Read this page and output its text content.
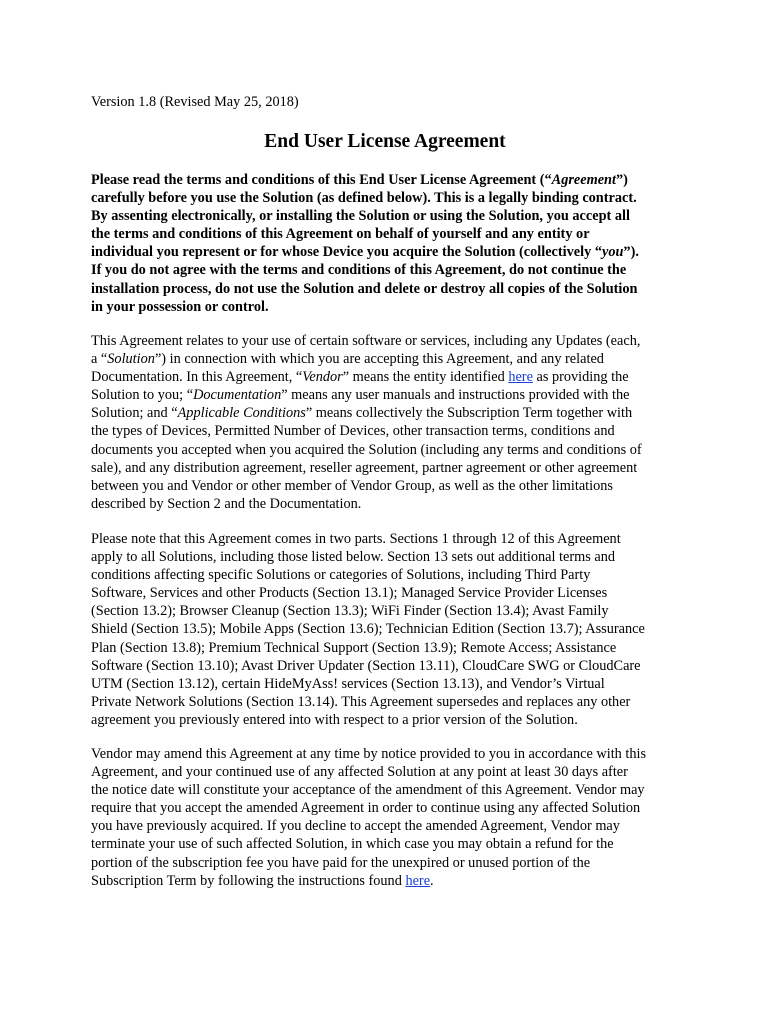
Version 1.8 (Revised May 25, 2018)

End User License Agreement

Please read the terms and conditions of this End User License Agreement (“Agreement”)
carefully before you use the Solution (as defined below). This is a legally binding contract.
By assenting electronically, or installing the Solution or using the Solution, you accept all
the terms and conditions of this Agreement on behalf of yourself and any entity or
individual you represent or for whose Device you acquire the Solution (collectively “you”).
If you do not agree with the terms and conditions of this Agreement, do not continue the
installation process, do not use the Solution and delete or destroy all copies of the Solution
in your possession or control.

This Agreement relates to your use of certain software or services, including any Updates (each,
a “Solution”) in connection with which you are accepting this Agreement, and any related
Documentation. In this Agreement, “Vendor” means the entity identified here as providing the
Solution to you; “Documentation” means any user manuals and instructions provided with the
Solution; and “Applicable Conditions” means collectively the Subscription Term together with
the types of Devices, Permitted Number of Devices, other transaction terms, conditions and
documents you accepted when you acquired the Solution (including any terms and conditions of
sale), and any distribution agreement, reseller agreement, partner agreement or other agreement
between you and Vendor or other member of Vendor Group, as well as the other limitations
described by Section 2 and the Documentation.

Please note that this Agreement comes in two parts. Sections 1 through 12 of this Agreement
apply to all Solutions, including those listed below. Section 13 sets out additional terms and
conditions affecting specific Solutions or categories of Solutions, including Third Party
Software, Services and other Products (Section 13.1); Managed Service Provider Licenses
(Section 13.2); Browser Cleanup (Section 13.3); WiFi Finder (Section 13.4); Avast Family
Shield (Section 13.5); Mobile Apps (Section 13.6); Technician Edition (Section 13.7); Assurance
Plan (Section 13.8); Premium Technical Support (Section 13.9); Remote Access; Assistance
Software (Section 13.10); Avast Driver Updater (Section 13.11), CloudCare SWG or CloudCare
UTM (Section 13.12), certain HideMyAss! services (Section 13.13), and Vendor’s Virtual
Private Network Solutions (Section 13.14). This Agreement supersedes and replaces any other
agreement you previously entered into with respect to a prior version of the Solution.

Vendor may amend this Agreement at any time by notice provided to you in accordance with this
Agreement, and your continued use of any affected Solution at any point at least 30 days after
the notice date will constitute your acceptance of the amendment of this Agreement. Vendor may
require that you accept the amended Agreement in order to continue using any affected Solution
you have previously acquired. If you decline to accept the amended Agreement, Vendor may
terminate your use of such affected Solution, in which case you may obtain a refund for the
portion of the subscription fee you have paid for the unexpired or unused portion of the
Subscription Term by following the instructions found here.
